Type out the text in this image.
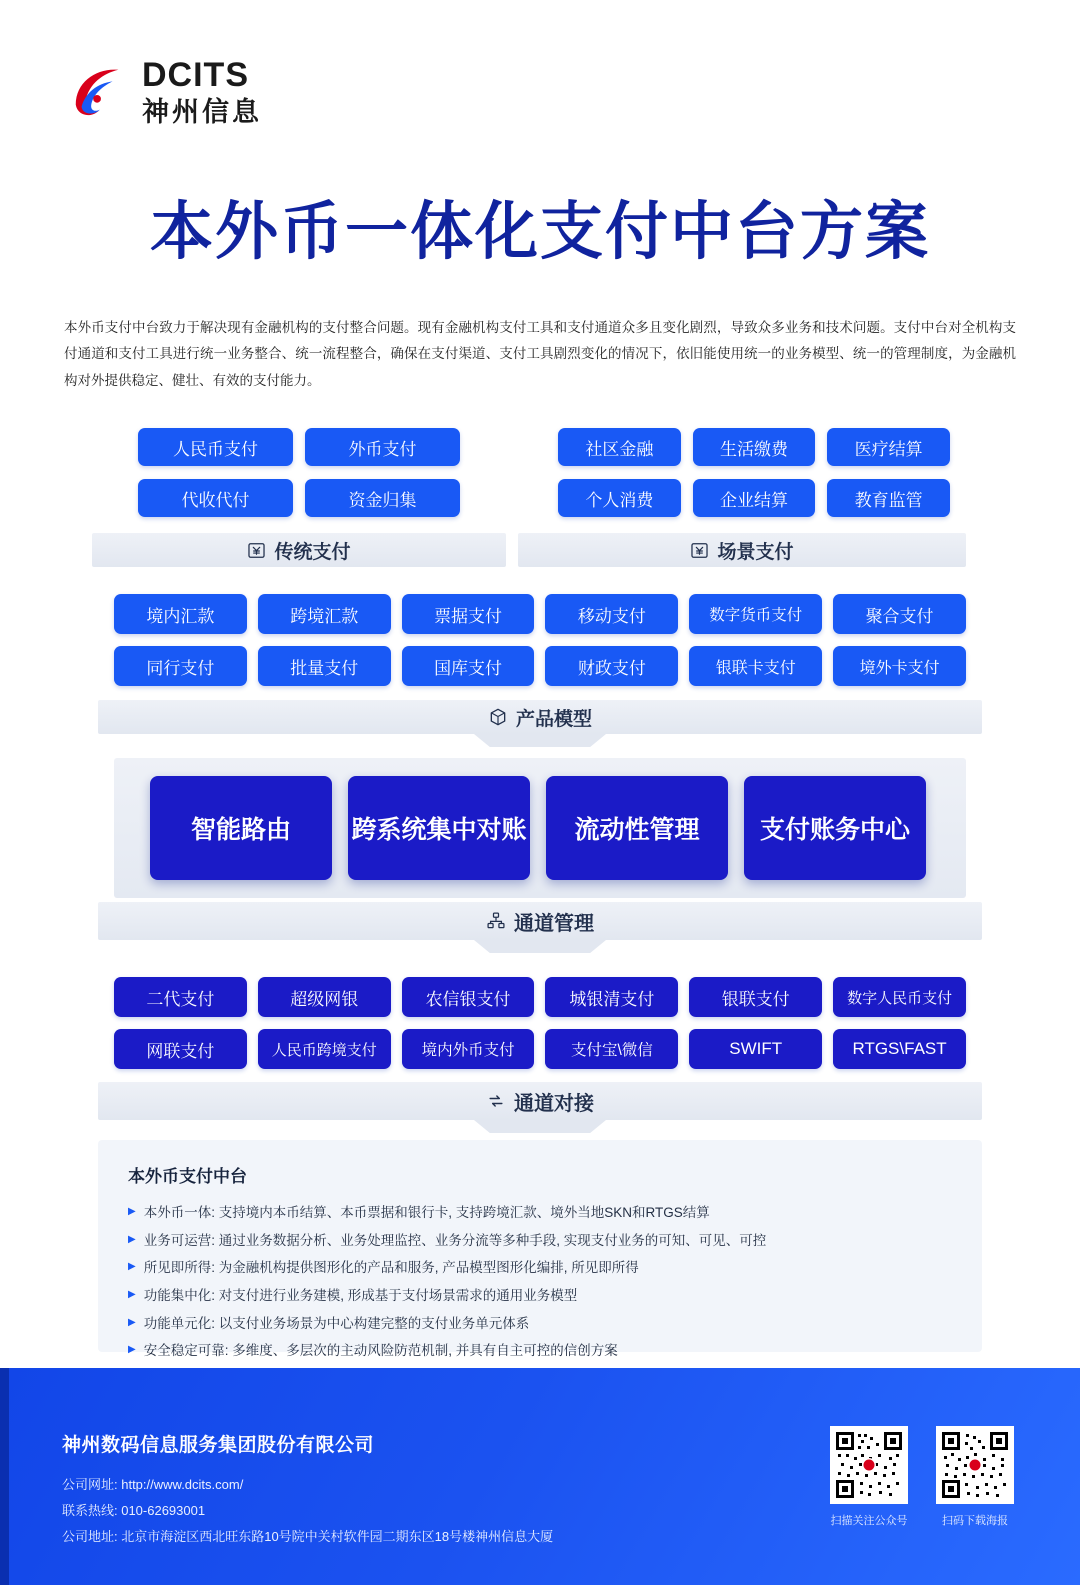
DCITS
神州信息
本外币一体化支付中台方案
本外币支付中台致力于解决现有金融机构的支付整合问题。现有金融机构支付工具和支付通道众多且变化剧烈，导致众多业务和技术问题。支付中台对全机构支付通道和支付工具进行统一业务整合、统一流程整合，确保在支付渠道、支付工具剧烈变化的情况下，依旧能使用统一的业务模型、统一的管理制度，为金融机构对外提供稳定、健壮、有效的支付能力。
人民币支付	外币支付
代收代付	资金归集
传统支付
社区金融	生活缴费	医疗结算
个人消费	企业结算	教育监管
场景支付
境内汇款	跨境汇款	票据支付	移动支付	数字货币支付	聚合支付
同行支付	批量支付	国库支付	财政支付	银联卡支付	境外卡支付
产品模型
智能路由	跨系统集中对账	流动性管理	支付账务中心
通道管理
二代支付	超级网银	农信银支付	城银清支付	银联支付	数字人民币支付
网联支付	人民币跨境支付	境内外币支付	支付宝\微信	SWIFT	RTGS\FAST
通道对接
本外币支付中台
▶ 本外币一体: 支持境内本币结算、本币票据和银行卡, 支持跨境汇款、境外当地SKN和RTGS结算
▶ 业务可运营: 通过业务数据分析、业务处理监控、业务分流等多种手段, 实现支付业务的可知、可见、可控
▶ 所见即所得: 为金融机构提供图形化的产品和服务, 产品模型图形化编排, 所见即所得
▶ 功能集中化: 对支付进行业务建模, 形成基于支付场景需求的通用业务模型
▶ 功能单元化: 以支付业务场景为中心构建完整的支付业务单元体系
▶ 安全稳定可靠: 多维度、多层次的主动风险防范机制, 并具有自主可控的信创方案
神州数码信息服务集团股份有限公司
公司网址: http://www.dcits.com/
联系热线: 010-62693001
公司地址: 北京市海淀区西北旺东路10号院中关村软件园二期东区18号楼神州信息大厦
扫描关注公众号	扫码下载海报
